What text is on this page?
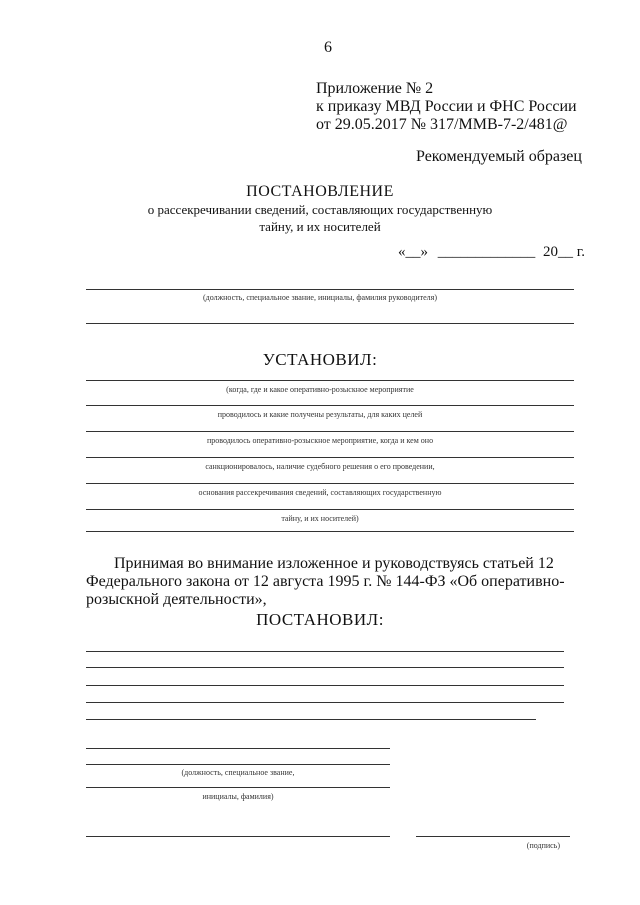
6
Приложение № 2
к приказу МВД России и ФНС России
от 29.05.2017 № 317/ММВ-7-2/481@
Рекомендуемый образец
ПОСТАНОВЛЕНИЕ
о рассекречивании сведений, составляющих государственную
тайну, и их носителей
«__» _____________ 20__ г.
(должность, специальное звание, инициалы, фамилия руководителя)
УСТАНОВИЛ:
(когда, где и какое оперативно-розыскное мероприятие
проводилось и какие получены результаты, для каких целей
проводилось оперативно-розыскное мероприятие, когда и кем оно
санкционировалось, наличие судебного решения о его проведении,
основания рассекречивания сведений, составляющих государственную
тайну, и их носителей)
Принимая во внимание изложенное и руководствуясь статьей 12
Федерального закона от 12 августа 1995 г. № 144-ФЗ «Об оперативно-
розыскной деятельности»,
ПОСТАНОВИЛ:
(должность, специальное звание,
инициалы, фамилия)
(подпись)
